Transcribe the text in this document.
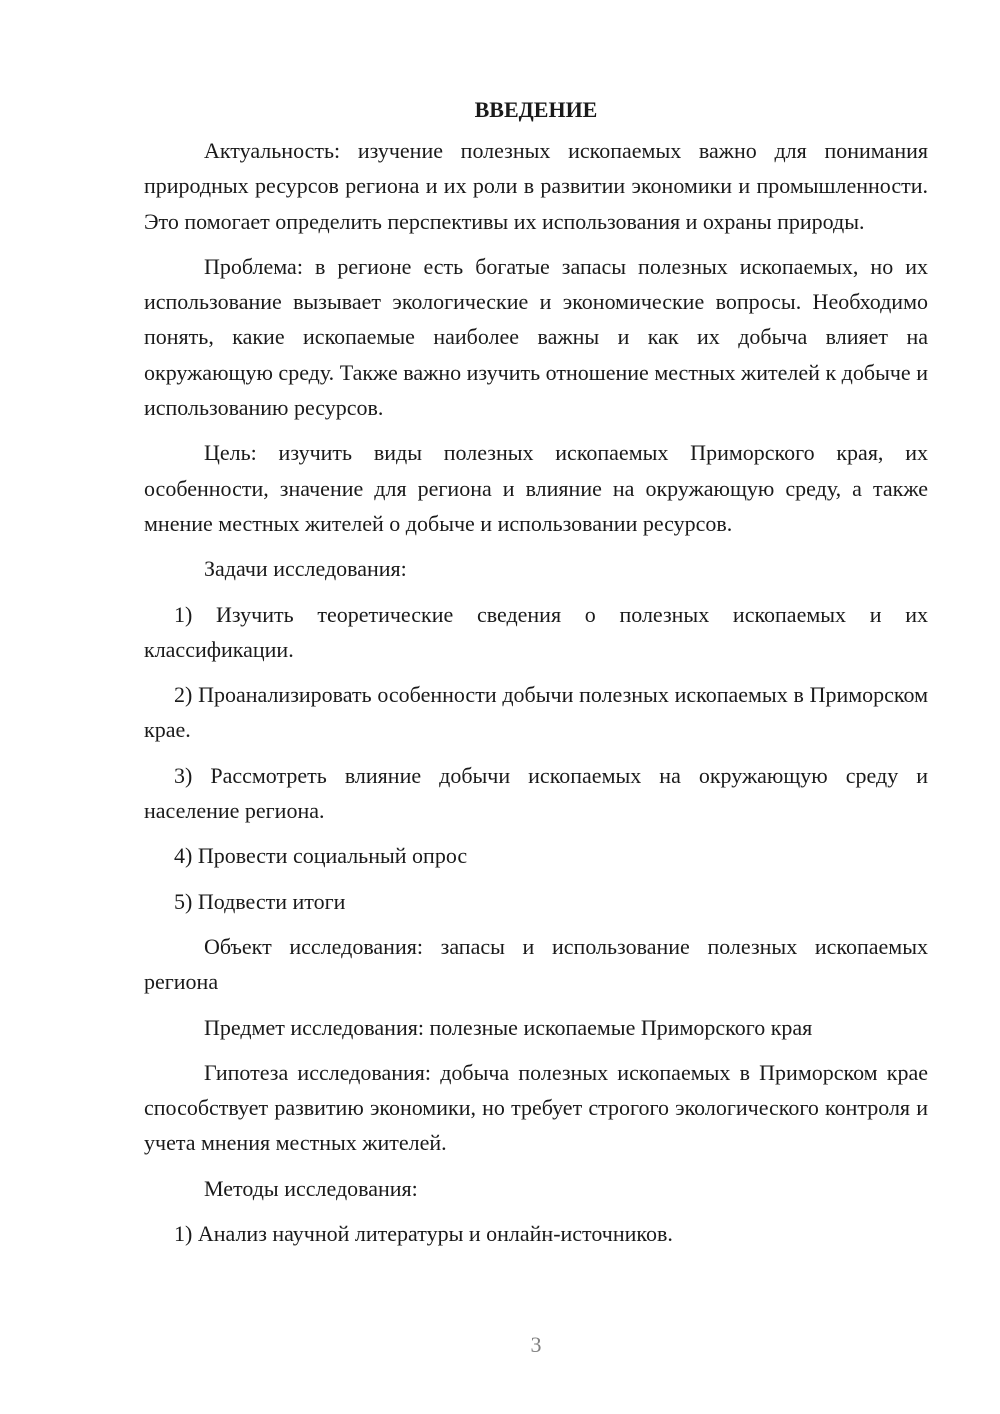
ВВЕДЕНИЕ

Актуальность: изучение полезных ископаемых важно для понимания природных ресурсов региона и их роли в развитии экономики и промышленности. Это помогает определить перспективы их использования и охраны природы.

Проблема: в регионе есть богатые запасы полезных ископаемых, но их использование вызывает экологические и экономические вопросы. Необходимо понять, какие ископаемые наиболее важны и как их добыча влияет на окружающую среду. Также важно изучить отношение местных жителей к добыче и использованию ресурсов.

Цель: изучить виды полезных ископаемых Приморского края, их особенности, значение для региона и влияние на окружающую среду, а также мнение местных жителей о добыче и использовании ресурсов.

Задачи исследования:

1) Изучить теоретические сведения о полезных ископаемых и их классификации.

2) Проанализировать особенности добычи полезных ископаемых в Приморском крае.

3) Рассмотреть влияние добычи ископаемых на окружающую среду и население региона.

4) Провести социальный опрос

5) Подвести итоги

Объект исследования: запасы и использование полезных ископаемых региона

Предмет исследования: полезные ископаемые Приморского края

Гипотеза исследования: добыча полезных ископаемых в Приморском крае способствует развитию экономики, но требует строгого экологического контроля и учета мнения местных жителей.

Методы исследования:

1) Анализ научной литературы и онлайн-источников.

3
